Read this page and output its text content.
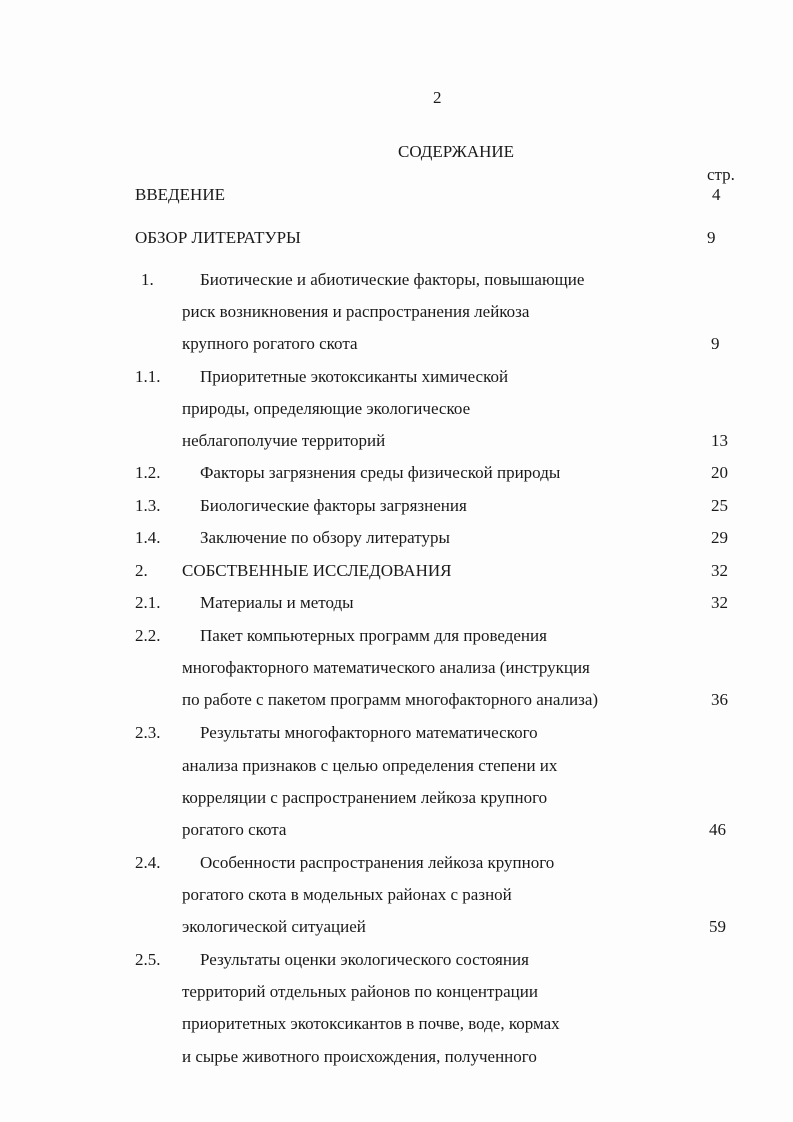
2
СОДЕРЖАНИЕ
стр.
ВВЕДЕНИЕ	4
ОБЗОР ЛИТЕРАТУРЫ	9
1.	Биотические и абиотические факторы, повышающие
риск возникновения и распространения лейкоза
крупного рогатого скота	9
1.1. Приоритетные экотоксиканты химической
природы, определяющие экологическое
неблагополучие территорий	13
1.2. Факторы загрязнения среды физической природы	20
1.3. Биологические факторы загрязнения	25
1.4. Заключение по обзору литературы	29
2. СОБСТВЕННЫЕ ИССЛЕДОВАНИЯ	32
2.1. Материалы и методы	32
2.2. Пакет компьютерных программ для проведения
многофакторного математического анализа (инструкция
по работе с пакетом программ многофакторного анализа)	36
2.3. Результаты многофакторного математического
анализа признаков с целью определения степени их
корреляции с распространением лейкоза крупного
рогатого скота	46
2.4. Особенности распространения лейкоза крупного
рогатого скота в модельных районах с разной
экологической ситуацией	59
2.5. Результаты оценки экологического состояния
территорий отдельных районов по концентрации
приоритетных экотоксикантов в почве, воде, кормах
и сырье животного происхождения, полученного
